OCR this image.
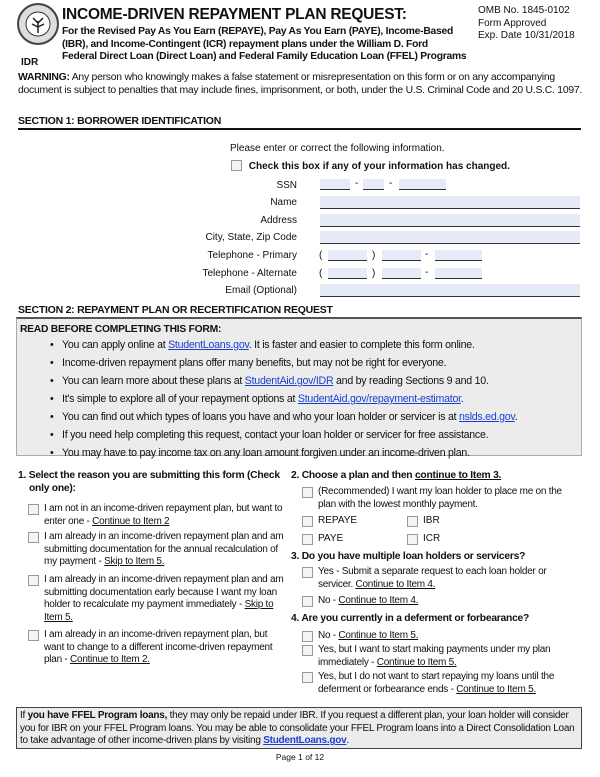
IDR
INCOME-DRIVEN REPAYMENT PLAN REQUEST:
For the Revised Pay As You Earn (REPAYE), Pay As You Earn (PAYE), Income-Based
(IBR), and Income-Contingent (ICR) repayment plans under the William D. Ford
Federal Direct Loan (Direct Loan) and Federal Family Education Loan (FFEL) Programs
OMB No. 1845-0102
Form Approved
Exp. Date 10/31/2018
WARNING: Any person who knowingly makes a false statement or misrepresentation on this form or on any accompanying document is subject to penalties that may include fines, imprisonment, or both, under the U.S. Criminal Code and 20 U.S.C. 1097.
SECTION 1: BORROWER IDENTIFICATION
Please enter or correct the following information.
Check this box if any of your information has changed.
SSN	-	-
Name
Address
City, State, Zip Code
Telephone - Primary (	)	-
Telephone - Alternate (	)	-
Email (Optional)
SECTION 2: REPAYMENT PLAN OR RECERTIFICATION REQUEST
READ BEFORE COMPLETING THIS FORM:
• You can apply online at StudentLoans.gov. It is faster and easier to complete this form online.
• Income-driven repayment plans offer many benefits, but may not be right for everyone.
• You can learn more about these plans at StudentAid.gov/IDR and by reading Sections 9 and 10.
• It's simple to explore all of your repayment options at StudentAid.gov/repayment-estimator.
• You can find out which types of loans you have and who your loan holder or servicer is at nslds.ed.gov.
• If you need help completing this request, contact your loan holder or servicer for free assistance.
• You may have to pay income tax on any loan amount forgiven under an income-driven plan.
1. Select the reason you are submitting this form (Check only one):
I am not in an income-driven repayment plan, but want to enter one - Continue to Item 2
I am already in an income-driven repayment plan and am submitting documentation for the annual recalculation of my payment - Skip to Item 5.
I am already in an income-driven repayment plan and am submitting documentation early because I want my loan holder to recalculate my payment immediately - Skip to Item 5.
I am already in an income-driven repayment plan, but want to change to a different income-driven repayment plan - Continue to Item 2.
2. Choose a plan and then continue to Item 3.
(Recommended) I want my loan holder to place me on the plan with the lowest monthly payment.
REPAYE	IBR
PAYE	ICR
3. Do you have multiple loan holders or servicers?
Yes - Submit a separate request to each loan holder or servicer. Continue to Item 4.
No - Continue to Item 4.
4. Are you currently in a deferment or forbearance?
No - Continue to Item 5.
Yes, but I want to start making payments under my plan immediately - Continue to Item 5.
Yes, but I do not want to start repaying my loans until the deferment or forbearance ends - Continue to Item 5.
If you have FFEL Program loans, they may only be repaid under IBR. If you request a different plan, your loan holder will consider you for IBR on your FFEL Program loans. You may be able to consolidate your FFEL Program loans into a Direct Consolidation Loan to take advantage of other income-driven plans by visiting StudentLoans.gov.
Page 1 of 12
